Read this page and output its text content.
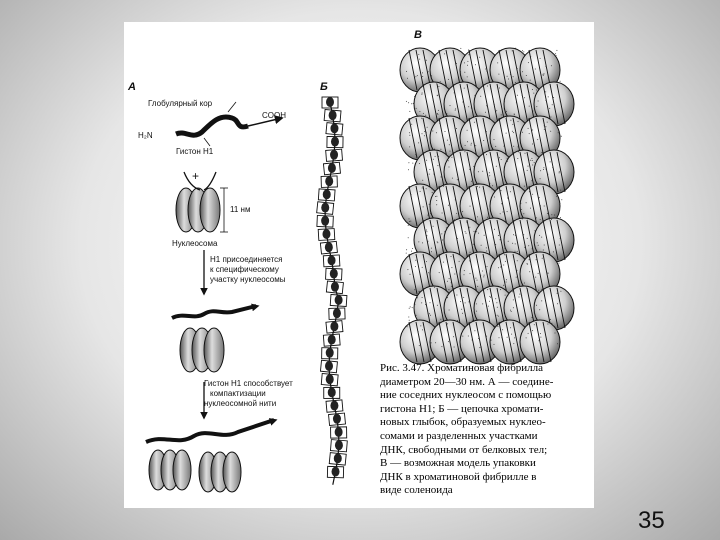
А	Б
В
Глобулярный кор
COOH
H₂N
Гистон H1
+
11 нм
Нуклеосома
H1 присоединяется
к специфическому
участку нуклеосомы
Гистон H1 способствует
компактизации
нуклеосомной нити
Рис. 3.47. Хроматиновая фибрилла
диаметром 20—30 нм. А — соедине-
ние соседних нуклеосом с помощью
гистона H1; Б — цепочка хромати-
новых глыбок, образуемых нуклео-
сомами и разделенных участками
ДНК, свободными от белковых тел;
В — возможная модель упаковки
ДНК в хроматиновой фибрилле в
виде соленоида
35
